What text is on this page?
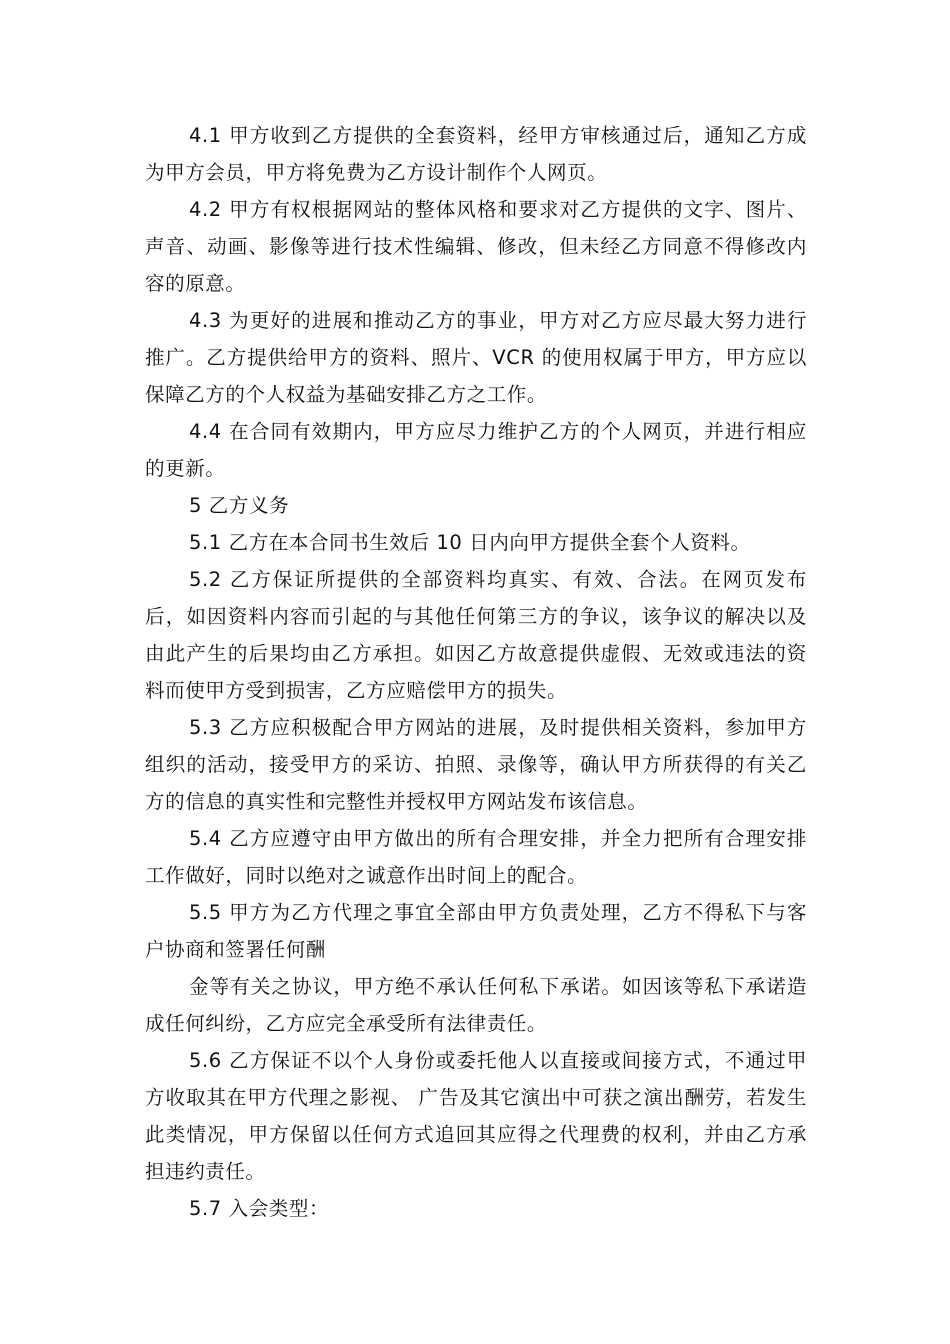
4.1 甲方收到乙方提供的全套资料，经甲方审核通过后，通知乙方成为甲方会员，甲方将免费为乙方设计制作个人网页。

4.2 甲方有权根据网站的整体风格和要求对乙方提供的文字、图片、声音、动画、影像等进行技术性编辑、修改，但未经乙方同意不得修改内容的原意。

4.3 为更好的进展和推动乙方的事业，甲方对乙方应尽最大努力进行推广。乙方提供给甲方的资料、照片、VCR 的使用权属于甲方，甲方应以保障乙方的个人权益为基础安排乙方之工作。

4.4 在合同有效期内，甲方应尽力维护乙方的个人网页，并进行相应的更新。

5 乙方义务

5.1 乙方在本合同书生效后 10 日内向甲方提供全套个人资料。

5.2 乙方保证所提供的全部资料均真实、有效、合法。在网页发布后，如因资料内容而引起的与其他任何第三方的争议，该争议的解决以及由此产生的后果均由乙方承担。如因乙方故意提供虚假、无效或违法的资料而使甲方受到损害，乙方应赔偿甲方的损失。

5.3 乙方应积极配合甲方网站的进展，及时提供相关资料，参加甲方组织的活动，接受甲方的采访、拍照、录像等，确认甲方所获得的有关乙方的信息的真实性和完整性并授权甲方网站发布该信息。

5.4 乙方应遵守由甲方做出的所有合理安排，并全力把所有合理安排工作做好，同时以绝对之诚意作出时间上的配合。

5.5 甲方为乙方代理之事宜全部由甲方负责处理，乙方不得私下与客户协商和签署任何酬

金等有关之协议，甲方绝不承认任何私下承诺。如因该等私下承诺造成任何纠纷，乙方应完全承受所有法律责任。

5.6 乙方保证不以个人身份或委托他人以直接或间接方式，不通过甲方收取其在甲方代理之影视、 广告及其它演出中可获之演出酬劳，若发生此类情况，甲方保留以任何方式追回其应得之代理费的权利，并由乙方承担违约责任。

5.7 入会类型：
